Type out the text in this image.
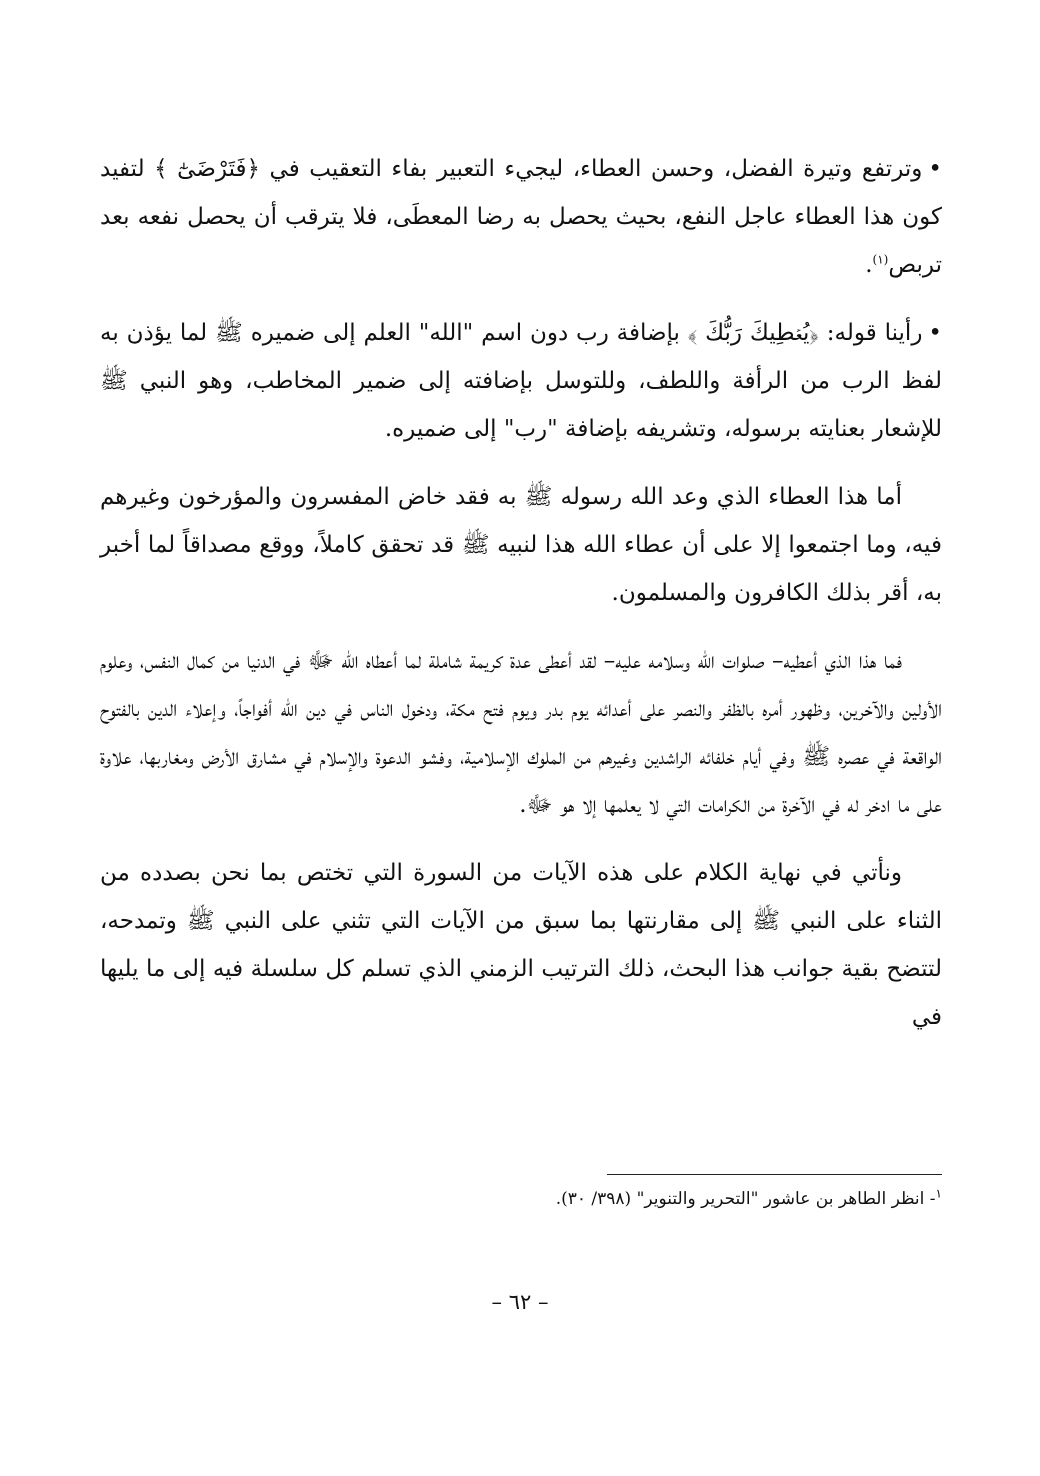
•وترتفع وتيرة الفضل، وحسن العطاء، ليجيء التعبير بفاء التعقيب في ﴿فَتَرْضَىٰٓ ﴾ لتفيد كون هذا العطاء عاجل النفع، بحيث يحصل به رضا المعطَى، فلا يترقب أن يحصل نفعه بعد تربص$^{(١)}$.

•رأينا قوله: ﴿يُعۡطِيكَ رَبُّكَ ﴾ بإضافة رب دون اسم "الله" العلم إلى ضميره ﷺ لما يؤذن به لفظ الرب من الرأفة واللطف، وللتوسل بإضافته إلى ضمير المخاطب، وهو النبي ﷺ للإشعار بعنايته برسوله، وتشريفه بإضافة "رب" إلى ضميره.

أما هذا العطاء الذي وعد الله رسوله ﷺ به فقد خاض المفسرون والمؤرخون وغيرهم فيه، وما اجتمعوا إلا على أن عطاء الله هذا لنبيه ﷺ قد تحقق كاملاً، ووقع مصداقاً لما أخبر به، أقر بذلك الكافرون والمسلمون.

فما هذا الذي أعطيه– صلوات الله وسلامه عليه– لقد أعطى عدة كريمة شاملة لما أعطاه الله ﷻ في الدنيا من كمال النفس، وعلوم الأولين والآخرين، وظهور أمره بالظفر والنصر على أعدائه يوم بدر ويوم فتح مكة، ودخول الناس في دين الله أفواجاً، وإعلاء الدين بالفتوح الواقعة في عصره ﷺ وفي أيام خلفائه الراشدين وغيرهم من الملوك الإسلامية، وفشو الدعوة والإسلام في مشارق الأرض ومغاربها، علاوة على ما ادخر له في الآخرة من الكرامات التي لا يعلمها إلا هو ﷻ.

ونأتي في نهاية الكلام على هذه الآيات من السورة التي تختص بما نحن بصدده من الثناء على النبي ﷺ إلى مقارنتها بما سبق من الآيات التي تثني على النبي ﷺ وتمدحه، لتتضح بقية جوانب هذا البحث، ذلك الترتيب الزمني الذي تسلم كل سلسلة فيه إلى ما يليها في

$^١$- انظر الطاهر بن عاشور "التحرير والتنوير" (٣٩٨/ ٣٠).
– ٦٢ –
